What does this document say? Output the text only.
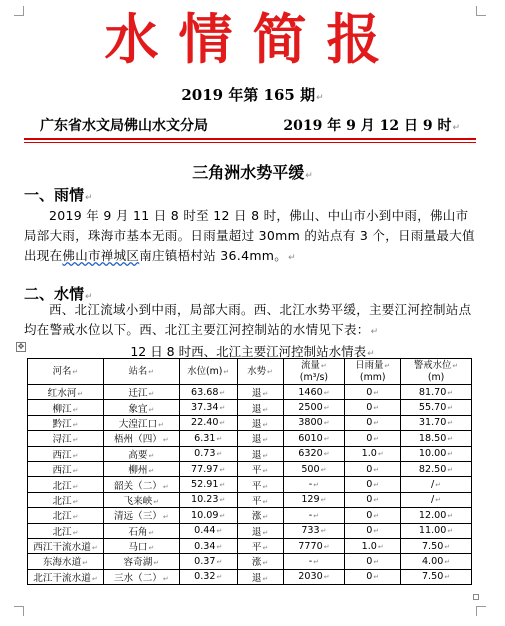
水情简报
2019 年第 165 期↵
广东省水文局佛山水文分局	2019 年 9 月 12 日 9 时↵
三角洲水势平缓↵
一、雨情↵
2019 年 9 月 11 日 8 时至 12 日 8 时，佛山、中山市小到中雨，佛山市局部大雨，珠海市基本无雨。日雨量超过 30mm 的站点有 3 个，日雨量最大值出现在佛山市禅城区南庄镇梧村站 36.4mm。↵
二、水情↵
西、北江流域小到中雨，局部大雨。西、北江水势平缓，主要江河控制站点均在警戒水位以下。西、北江主要江河控制站的水情见下表：↵
✥	12 日 8 时西、北江主要江河控制站水情表↵
河名↵	站名↵	水位(m)↵	水势↵	流量↵
(m³/s)	日雨量↵
(mm)	警戒水位↵
(m)
红水河↵	迁江↵	63.68↵	退↵	1460↵	0↵	81.70↵
柳江↵	象宜↵	37.34↵	退↵	2500↵	0↵	55.70↵
黔江↵	大湟江口↵	22.40↵	退↵	3800↵	0↵	31.70↵
浔江↵	梧州（四）↵	6.31↵	退↵	6010↵	0↵	18.50↵
西江↵	高要↵	0.73↵	退↵	6320↵	1.0↵	10.00↵
西江↵	柳州↵	77.97↵	平↵	500↵	0↵	82.50↵
北江↵	韶关（二）↵	52.91↵	平↵	-↵	0↵	/↵
北江↵	飞来峡↵	10.23↵	平↵	129↵	0↵	/↵
北江↵	清远（三）↵	10.09↵	涨↵	-↵	0↵	12.00↵
北江↵	石角↵	0.44↵	退↵	733↵	0↵	11.00↵
西江干流水道↵	马口↵	0.34↵	平↵	7770↵	1.0↵	7.50↵
东海水道↵	容奇湖↵	0.37↵	涨↵	-↵	0↵	4.00↵
北江干流水道↵	三水（二）↵	0.32↵	退↵	2030↵	0↵	7.50↵
